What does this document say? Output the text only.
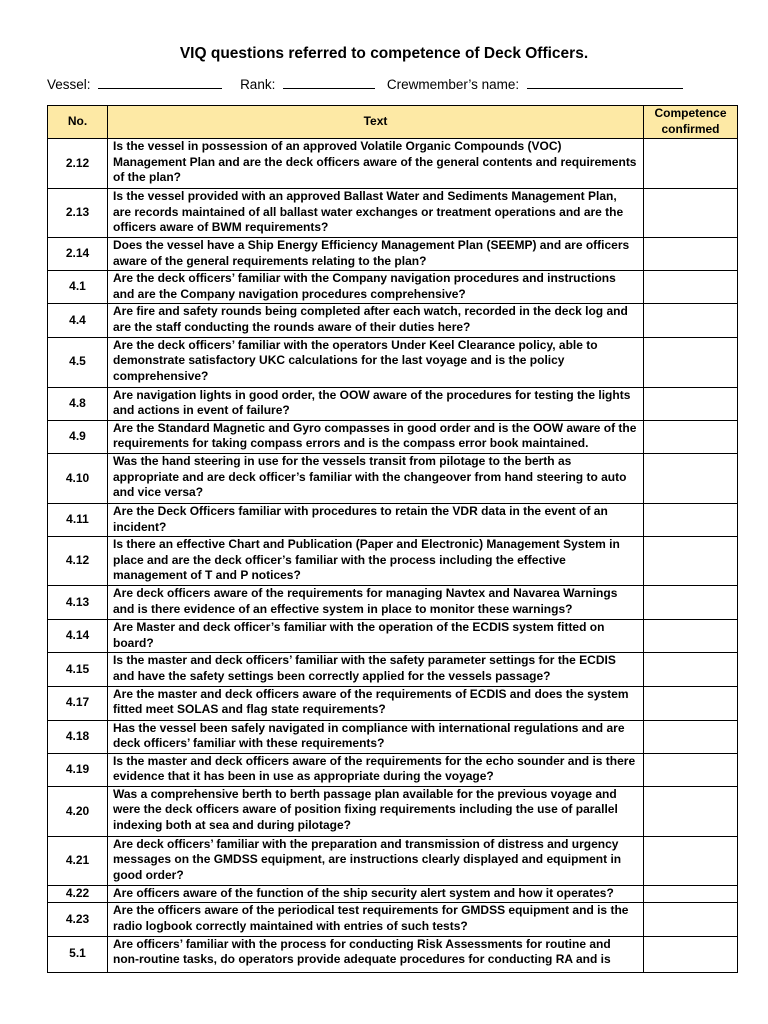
VIQ questions referred to competence of Deck Officers.
Vessel:	Rank:	Crewmember’s name:
No.	Text	Competence confirmed
2.12	Is the vessel in possession of an approved Volatile Organic Compounds (VOC) Management Plan and are the deck officers aware of the general contents and requirements of the plan?	
2.13	Is the vessel provided with an approved Ballast Water and Sediments Management Plan, are records maintained of all ballast water exchanges or treatment operations and are the officers aware of BWM requirements?	
2.14	Does the vessel have a Ship Energy Efficiency Management Plan (SEEMP) and are officers aware of the general requirements relating to the plan?	
4.1	Are the deck officers’ familiar with the Company navigation procedures and instructions and are the Company navigation procedures comprehensive?	
4.4	Are fire and safety rounds being completed after each watch, recorded in the deck log and are the staff conducting the rounds aware of their duties here?	
4.5	Are the deck officers’ familiar with the operators Under Keel Clearance policy, able to demonstrate satisfactory UKC calculations for the last voyage and is the policy comprehensive?	
4.8	Are navigation lights in good order, the OOW aware of the procedures for testing the lights and actions in event of failure?	
4.9	Are the Standard Magnetic and Gyro compasses in good order and is the OOW aware of the requirements for taking compass errors and is the compass error book maintained.	
4.10	Was the hand steering in use for the vessels transit from pilotage to the berth as appropriate and are deck officer’s familiar with the changeover from hand steering to auto and vice versa?	
4.11	Are the Deck Officers familiar with procedures to retain the VDR data in the event of an incident?	
4.12	Is there an effective Chart and Publication (Paper and Electronic) Management System in place and are the deck officer’s familiar with the process including the effective management of T and P notices?	
4.13	Are deck officers aware of the requirements for managing Navtex and Navarea Warnings and is there evidence of an effective system in place to monitor these warnings?	
4.14	Are Master and deck officer’s familiar with the operation of the ECDIS system fitted on board?	
4.15	Is the master and deck officers’ familiar with the safety parameter settings for the ECDIS and have the safety settings been correctly applied for the vessels passage?	
4.17	Are the master and deck officers aware of the requirements of ECDIS and does the system fitted meet SOLAS and flag state requirements?	
4.18	Has the vessel been safely navigated in compliance with international regulations and are deck officers’ familiar with these requirements?	
4.19	Is the master and deck officers aware of the requirements for the echo sounder and is there evidence that it has been in use as appropriate during the voyage?	
4.20	Was a comprehensive berth to berth passage plan available for the previous voyage and were the deck officers aware of position fixing requirements including the use of parallel indexing both at sea and during pilotage?	
4.21	Are deck officers’ familiar with the preparation and transmission of distress and urgency messages on the GMDSS equipment, are instructions clearly displayed and equipment in good order?	
4.22	Are officers aware of the function of the ship security alert system and how it operates?	
4.23	Are the officers aware of the periodical test requirements for GMDSS equipment and is the radio logbook correctly maintained with entries of such tests?	
5.1	Are officers’ familiar with the process for conducting Risk Assessments for routine and non-routine tasks, do operators provide adequate procedures for conducting RA and is	
